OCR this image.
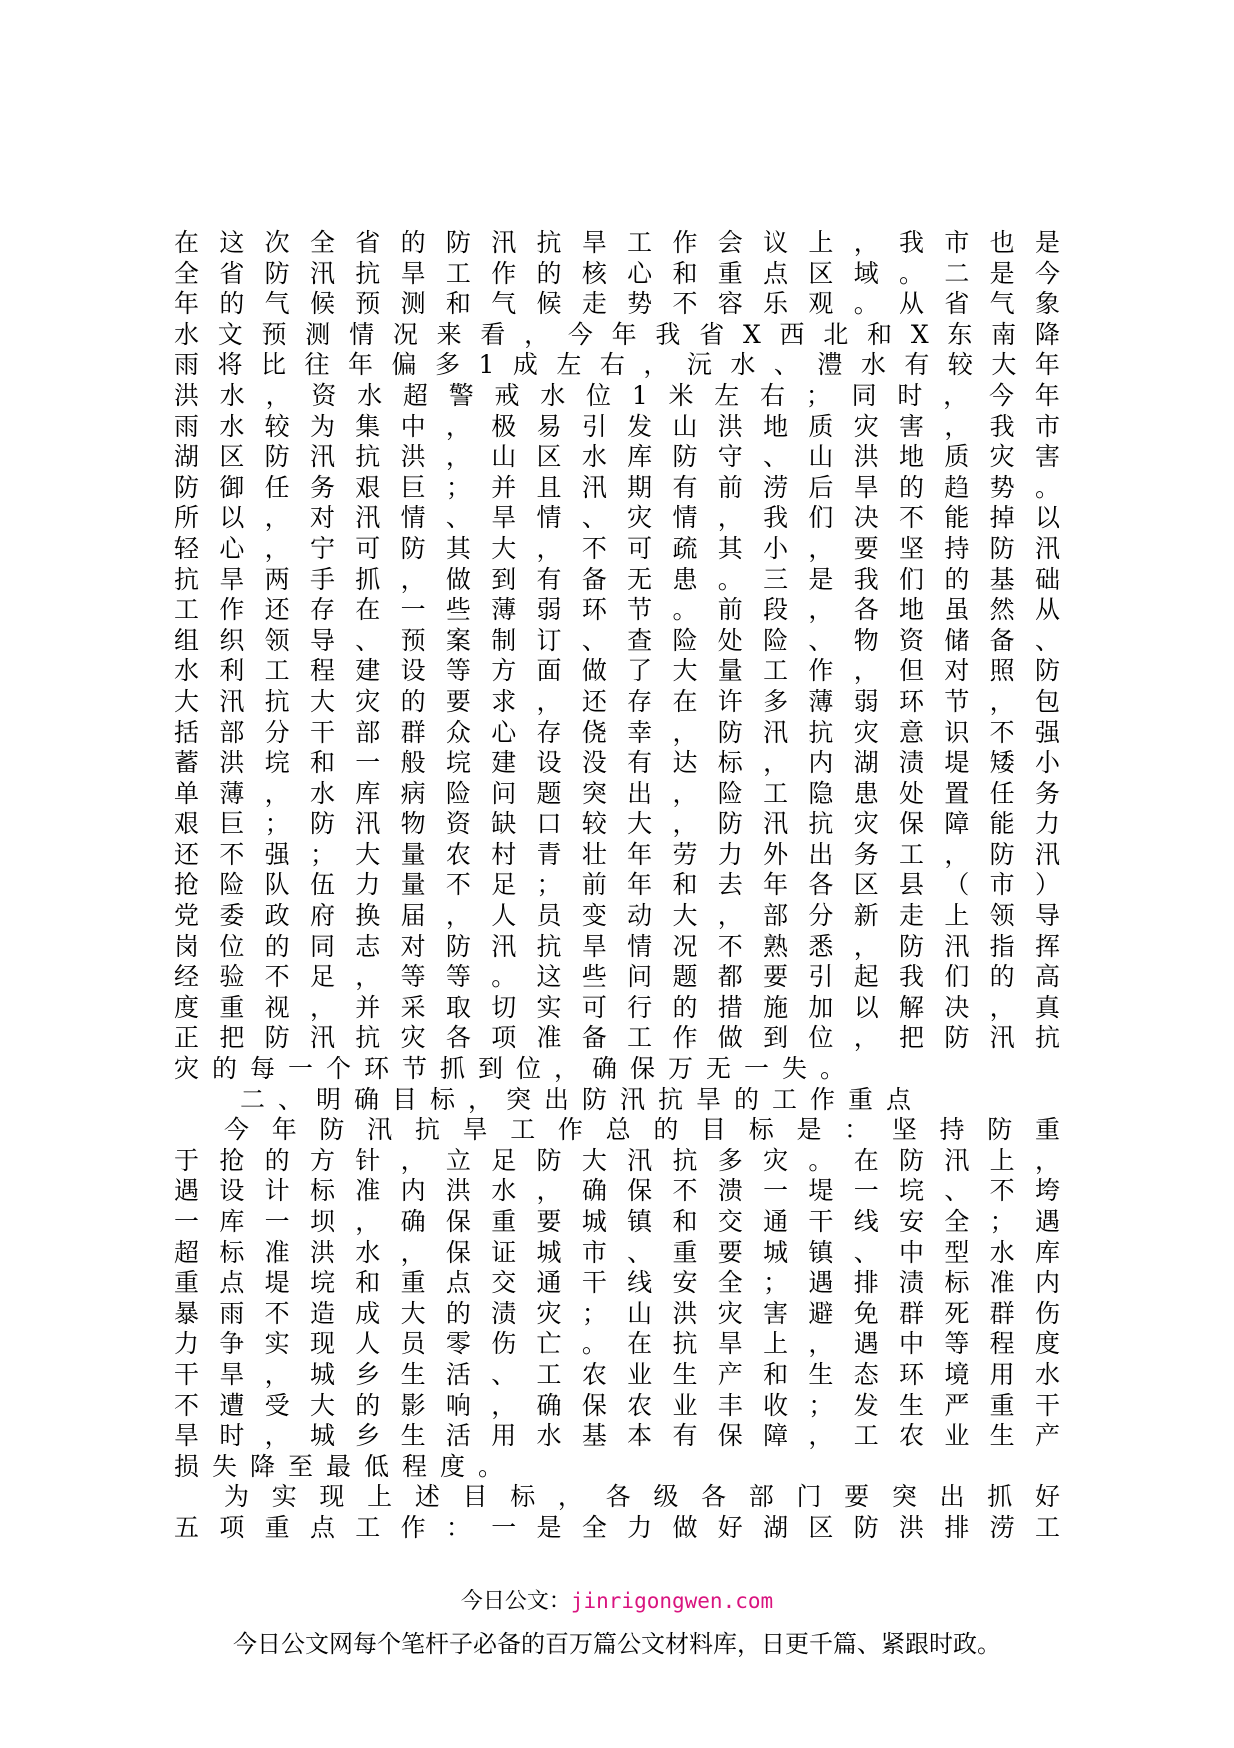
在 这 次 全 省 的 防 汛 抗 旱 工 作 会 议 上 ， 我 市 也 是
全 省 防 汛 抗 旱 工 作 的 核 心 和 重 点 区 域 。 二 是 今
年 的 气 候 预 测 和 气 候 走 势 不 容 乐 观 。 从 省 气 象
水 文 预 测 情 况 来 看 ， 今 年 我 省 X 西 北 和 X 东 南 降
雨 将 比 往 年 偏 多 1 成 左 右 ， 沅 水 、 澧 水 有 较 大 年
洪 水 ， 资 水 超 警 戒 水 位 1 米 左 右 ； 同 时 ， 今 年
雨 水 较 为 集 中 ， 极 易 引 发 山 洪 地 质 灾 害 ， 我 市
湖 区 防 汛 抗 洪 ， 山 区 水 库 防 守 、 山 洪 地 质 灾 害
防 御 任 务 艰 巨 ； 并 且 汛 期 有 前 涝 后 旱 的 趋 势 。
所 以 ， 对 汛 情 、 旱 情 、 灾 情 ， 我 们 决 不 能 掉 以
轻 心 ， 宁 可 防 其 大 ， 不 可 疏 其 小 ， 要 坚 持 防 汛
抗 旱 两 手 抓 ， 做 到 有 备 无 患 。 三 是 我 们 的 基 础
工 作 还 存 在 一 些 薄 弱 环 节 。 前 段 ， 各 地 虽 然 从
组 织 领 导 、 预 案 制 订 、 查 险 处 险 、 物 资 储 备 、
水 利 工 程 建 设 等 方 面 做 了 大 量 工 作 ， 但 对 照 防
大 汛 抗 大 灾 的 要 求 ， 还 存 在 许 多 薄 弱 环 节 ， 包
括 部 分 干 部 群 众 心 存 侥 幸 ， 防 汛 抗 灾 意 识 不 强
蓄 洪 垸 和 一 般 垸 建 设 没 有 达 标 ， 内 湖 渍 堤 矮 小
单 薄 ， 水 库 病 险 问 题 突 出 ， 险 工 隐 患 处 置 任 务
艰 巨 ； 防 汛 物 资 缺 口 较 大 ， 防 汛 抗 灾 保 障 能 力
还 不 强 ； 大 量 农 村 青 壮 年 劳 力 外 出 务 工 ， 防 汛
抢 险 队 伍 力 量 不 足 ； 前 年 和 去 年 各 区 县 （ 市 ）
党 委 政 府 换 届 ， 人 员 变 动 大 ， 部 分 新 走 上 领 导
岗 位 的 同 志 对 防 汛 抗 旱 情 况 不 熟 悉 ， 防 汛 指 挥
经 验 不 足 ， 等 等 。 这 些 问 题 都 要 引 起 我 们 的 高
度 重 视 ， 并 采 取 切 实 可 行 的 措 施 加 以 解 决 ， 真
正 把 防 汛 抗 灾 各 项 准 备 工 作 做 到 位 ， 把 防 汛 抗
灾的每一个环节抓到位，确保万无一失。
二、明确目标，突出防汛抗旱的工作重点
今 年 防 汛 抗 旱 工 作 总 的 目 标 是 ： 坚 持 防 重
于 抢 的 方 针 ， 立 足 防 大 汛 抗 多 灾 。 在 防 汛 上 ，
遇 设 计 标 准 内 洪 水 ， 确 保 不 溃 一 堤 一 垸 、 不 垮
一 库 一 坝 ， 确 保 重 要 城 镇 和 交 通 干 线 安 全 ； 遇
超 标 准 洪 水 ， 保 证 城 市 、 重 要 城 镇 、 中 型 水 库
重 点 堤 垸 和 重 点 交 通 干 线 安 全 ； 遇 排 渍 标 准 内
暴 雨 不 造 成 大 的 渍 灾 ； 山 洪 灾 害 避 免 群 死 群 伤
力 争 实 现 人 员 零 伤 亡 。 在 抗 旱 上 ， 遇 中 等 程 度
干 旱 ， 城 乡 生 活 、 工 农 业 生 产 和 生 态 环 境 用 水
不 遭 受 大 的 影 响 ， 确 保 农 业 丰 收 ； 发 生 严 重 干
旱 时 ， 城 乡 生 活 用 水 基 本 有 保 障 ， 工 农 业 生 产
损失降至最低程度。
为 实 现 上 述 目 标 ， 各 级 各 部 门 要 突 出 抓 好
五 项 重 点 工 作 ： 一 是 全 力 做 好 湖 区 防 洪 排 涝 工
今日公文：jinrigongwen.com
今日公文网每个笔杆子必备的百万篇公文材料库，日更千篇、紧跟时政。
